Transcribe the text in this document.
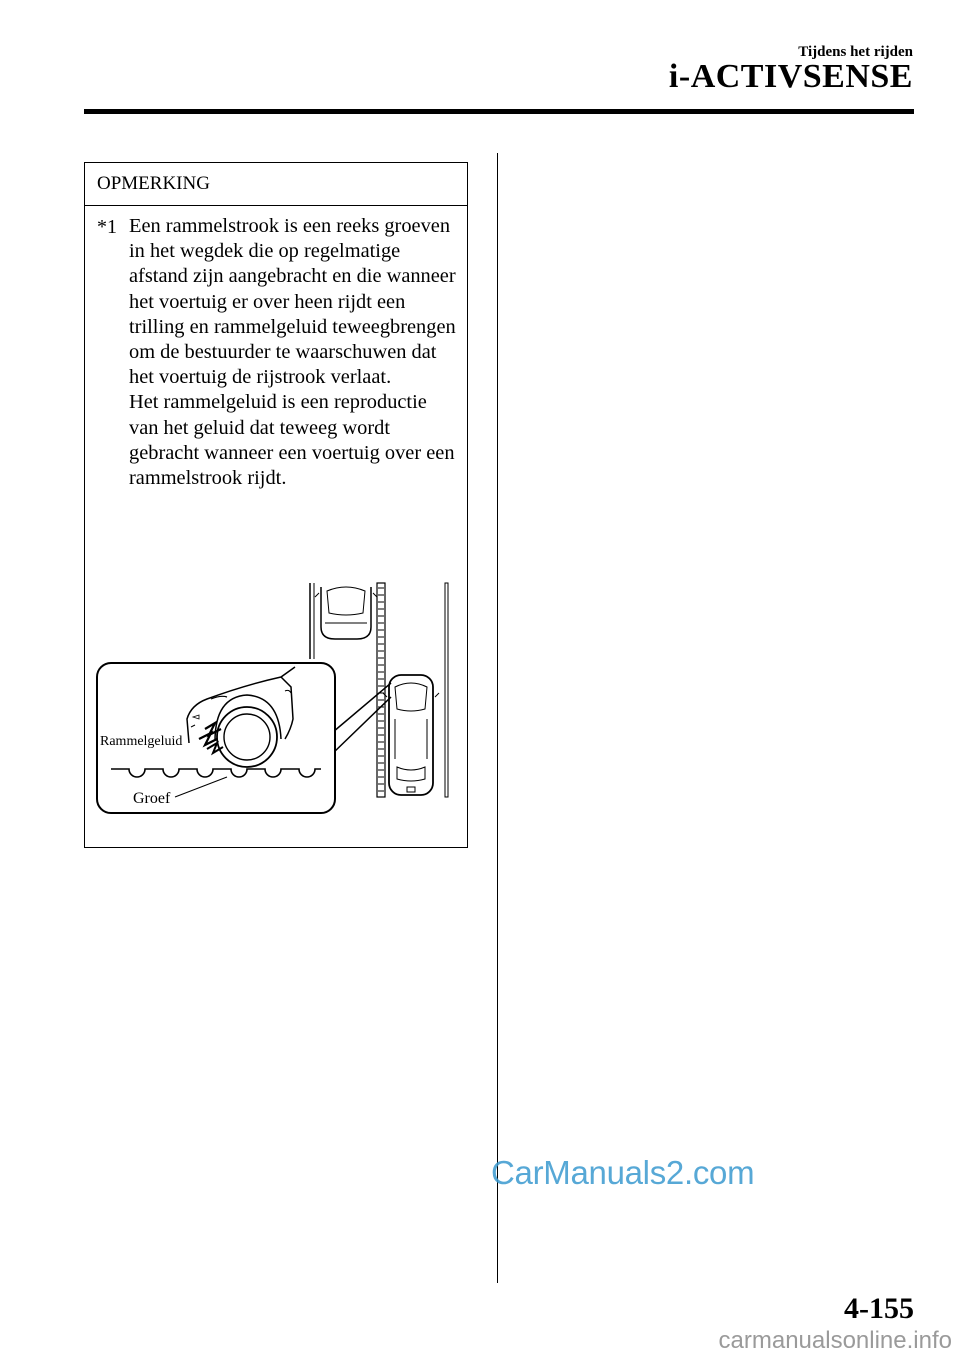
Tijdens het rijden
i-ACTIVSENSE
OPMERKING
*1 Een rammelstrook is een reeks groeven in het wegdek die op regelmatige afstand zijn aangebracht en die wanneer het voertuig er over heen rijdt een trilling en rammelgeluid teweegbrengen om de bestuurder te waarschuwen dat het voertuig de rijstrook verlaat.

Het rammelgeluid is een reproductie van het geluid dat teweeg wordt gebracht wanneer een voertuig over een rammelstrook rijdt.

Rammelgeluid
Groef
CarManuals2.com
4-155
carmanualsonline.info
